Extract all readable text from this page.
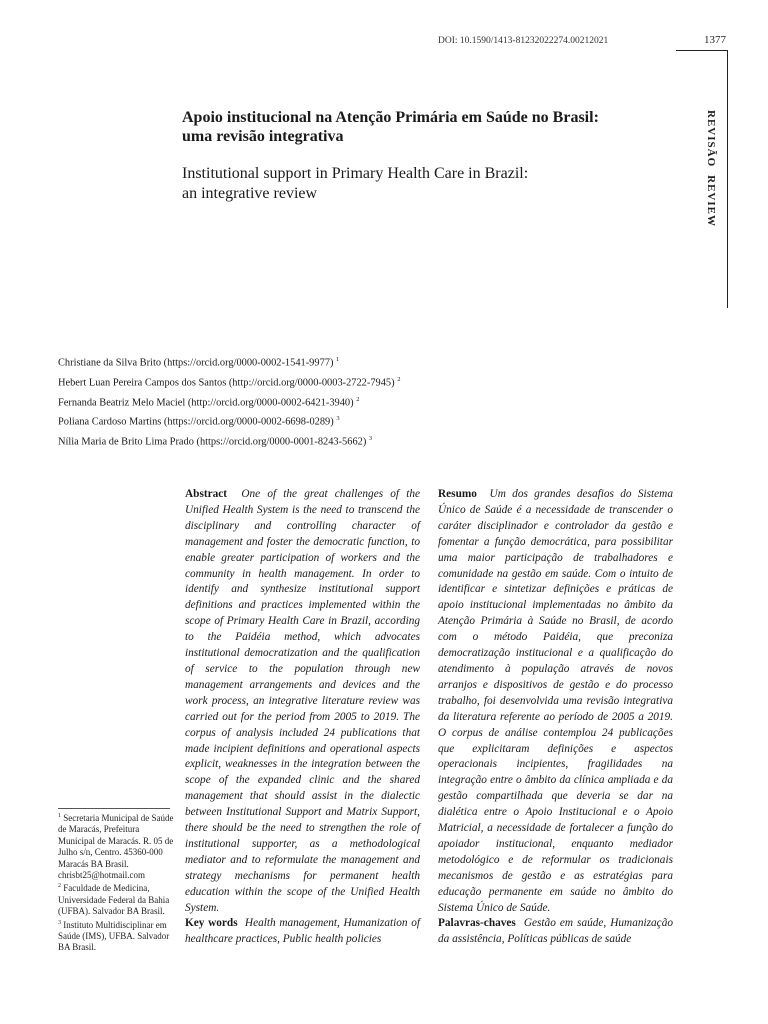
DOI: 10.1590/1413-81232022274.00212021	1377
REVISÃOREVIEW
Apoio institucional na Atenção Primária em Saúde no Brasil:
uma revisão integrativa
Institutional support in Primary Health Care in Brazil:
an integrative review
Christiane da Silva Brito (https://orcid.org/0000-0002-1541-9977) $^1$
Hebert Luan Pereira Campos dos Santos (http://orcid.org/0000-0003-2722-7945) $^2$
Fernanda Beatriz Melo Maciel (http://orcid.org/0000-0002-6421-3940) $^2$
Poliana Cardoso Martins (https://orcid.org/0000-0002-6698-0289) $^3$
Nília Maria de Brito Lima Prado (https://orcid.org/0000-0001-8243-5662) $^3$
$^1$ Secretaria Municipal de Saúde de Maracás, Prefeitura Municipal de Maracás. R. 05 de Julho s/n, Centro. 45360-000 Maracás BA Brasil. chrisbt25@hotmail.com
$^2$ Faculdade de Medicina, Universidade Federal da Bahia (UFBA). Salvador BA Brasil.
$^3$ Instituto Multidisciplinar em Saúde (IMS), UFBA. Salvador BA Brasil.
Abstract One of the great challenges of the Unified Health System is the need to transcend the disciplinary and controlling character of management and foster the democratic function, to enable greater participation of workers and the community in health management. In order to identify and synthesize institutional support definitions and practices implemented within the scope of Primary Health Care in Brazil, according to the Paidéia method, which advocates institutional democratization and the qualification of service to the population through new management arrangements and devices and the work process, an integrative literature review was carried out for the period from 2005 to 2019. The corpus of analysis included 24 publications that made incipient definitions and operational aspects explicit, weaknesses in the integration between the scope of the expanded clinic and the shared management that should assist in the dialectic between Institutional Support and Matrix Support, there should be the need to strengthen the role of institutional supporter, as a methodological mediator and to reformulate the management and strategy mechanisms for permanent health education within the scope of the Unified Health System.
Key words Health management, Humanization of healthcare practices, Public health policies
Resumo Um dos grandes desafios do Sistema Único de Saúde é a necessidade de transcender o caráter disciplinador e controlador da gestão e fomentar a função democrática, para possibilitar uma maior participação de trabalhadores e comunidade na gestão em saúde. Com o intuito de identificar e sintetizar definições e práticas de apoio institucional implementadas no âmbito da Atenção Primária à Saúde no Brasil, de acordo com o método Paidéia, que preconiza democratização institucional e a qualificação do atendimento à população através de novos arranjos e dispositivos de gestão e do processo trabalho, foi desenvolvida uma revisão integrativa da literatura referente ao período de 2005 a 2019. O corpus de análise contemplou 24 publicações que explicitaram definições e aspectos operacionais incipientes, fragilidades na integração entre o âmbito da clínica ampliada e da gestão compartilhada que deveria se dar na dialética entre o Apoio Institucional e o Apoio Matricial, a necessidade de fortalecer a função do apoiador institucional, enquanto mediador metodológico e de reformular os tradicionais mecanismos de gestão e as estratégias para educação permanente em saúde no âmbito do Sistema Único de Saúde.
Palavras-chaves Gestão em saúde, Humanização da assistência, Políticas públicas de saúde
